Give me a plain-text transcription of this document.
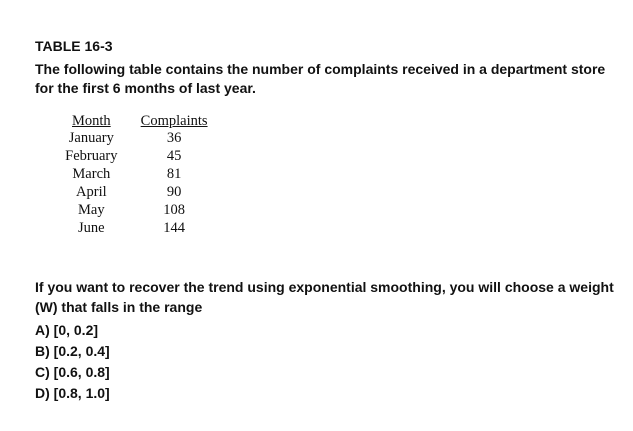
TABLE 16-3
The following table contains the number of complaints received in a department store for the first 6 months of last year.
Month	Complaints
January	36
February	45
March	81
April	90
May	108
June	144
If you want to recover the trend using exponential smoothing, you will choose a weight (W) that falls in the range
A) [0, 0.2]
B) [0.2, 0.4]
C) [0.6, 0.8]
D) [0.8, 1.0]
